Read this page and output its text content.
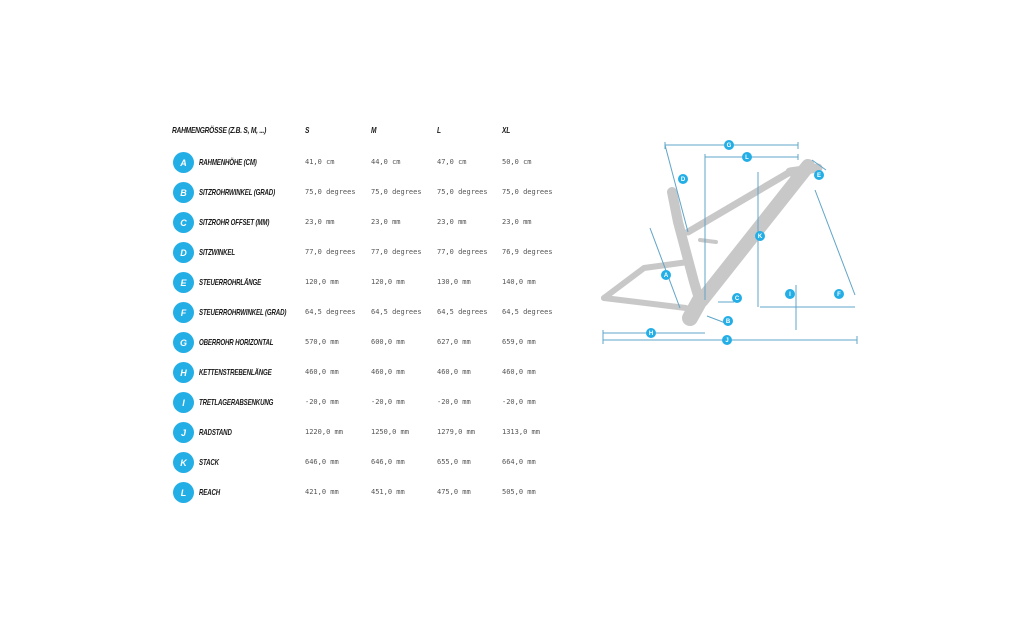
RAHMENGRÖSSE (Z.B. S, M, ...)	S	M	L	XL
A	RAHMENHÖHE (CM)	41,0 cm	44,0 cm	47,0 cm	50,0 cm
B	SITZROHRWINKEL (GRAD)	75,0 degrees 75,0 degrees 75,0 degrees 75,0 degrees
C	SITZROHR OFFSET (MM)	23,0 mm	23,0 mm	23,0 mm	23,0 mm
D	SITZWINKEL	77,0 degrees 77,0 degrees 77,0 degrees 76,9 degrees
E	STEUERROHRLÄNGE	120,0 mm	120,0 mm	130,0 mm	140,0 mm
F	STEUERROHRWINKEL (GRAD)	64,5 degrees 64,5 degrees 64,5 degrees 64,5 degrees
G	OBERROHR HORIZONTAL	570,0 mm	600,0 mm	627,0 mm	659,0 mm
H	KETTENSTREBENLÄNGE	460,0 mm	460,0 mm	460,0 mm	460,0 mm
I	TRETLAGERABSENKUNG	-20,0 mm	-20,0 mm	-20,0 mm	-20,0 mm
J	RADSTAND	1220,0 mm	1250,0 mm	1279,0 mm	1313,0 mm
K	STACK	646,0 mm	646,0 mm	655,0 mm	664,0 mm
L	REACH	421,0 mm	451,0 mm	475,0 mm	505,0 mm
G
L
D
E
K
A
I	F
C
B
H
J
